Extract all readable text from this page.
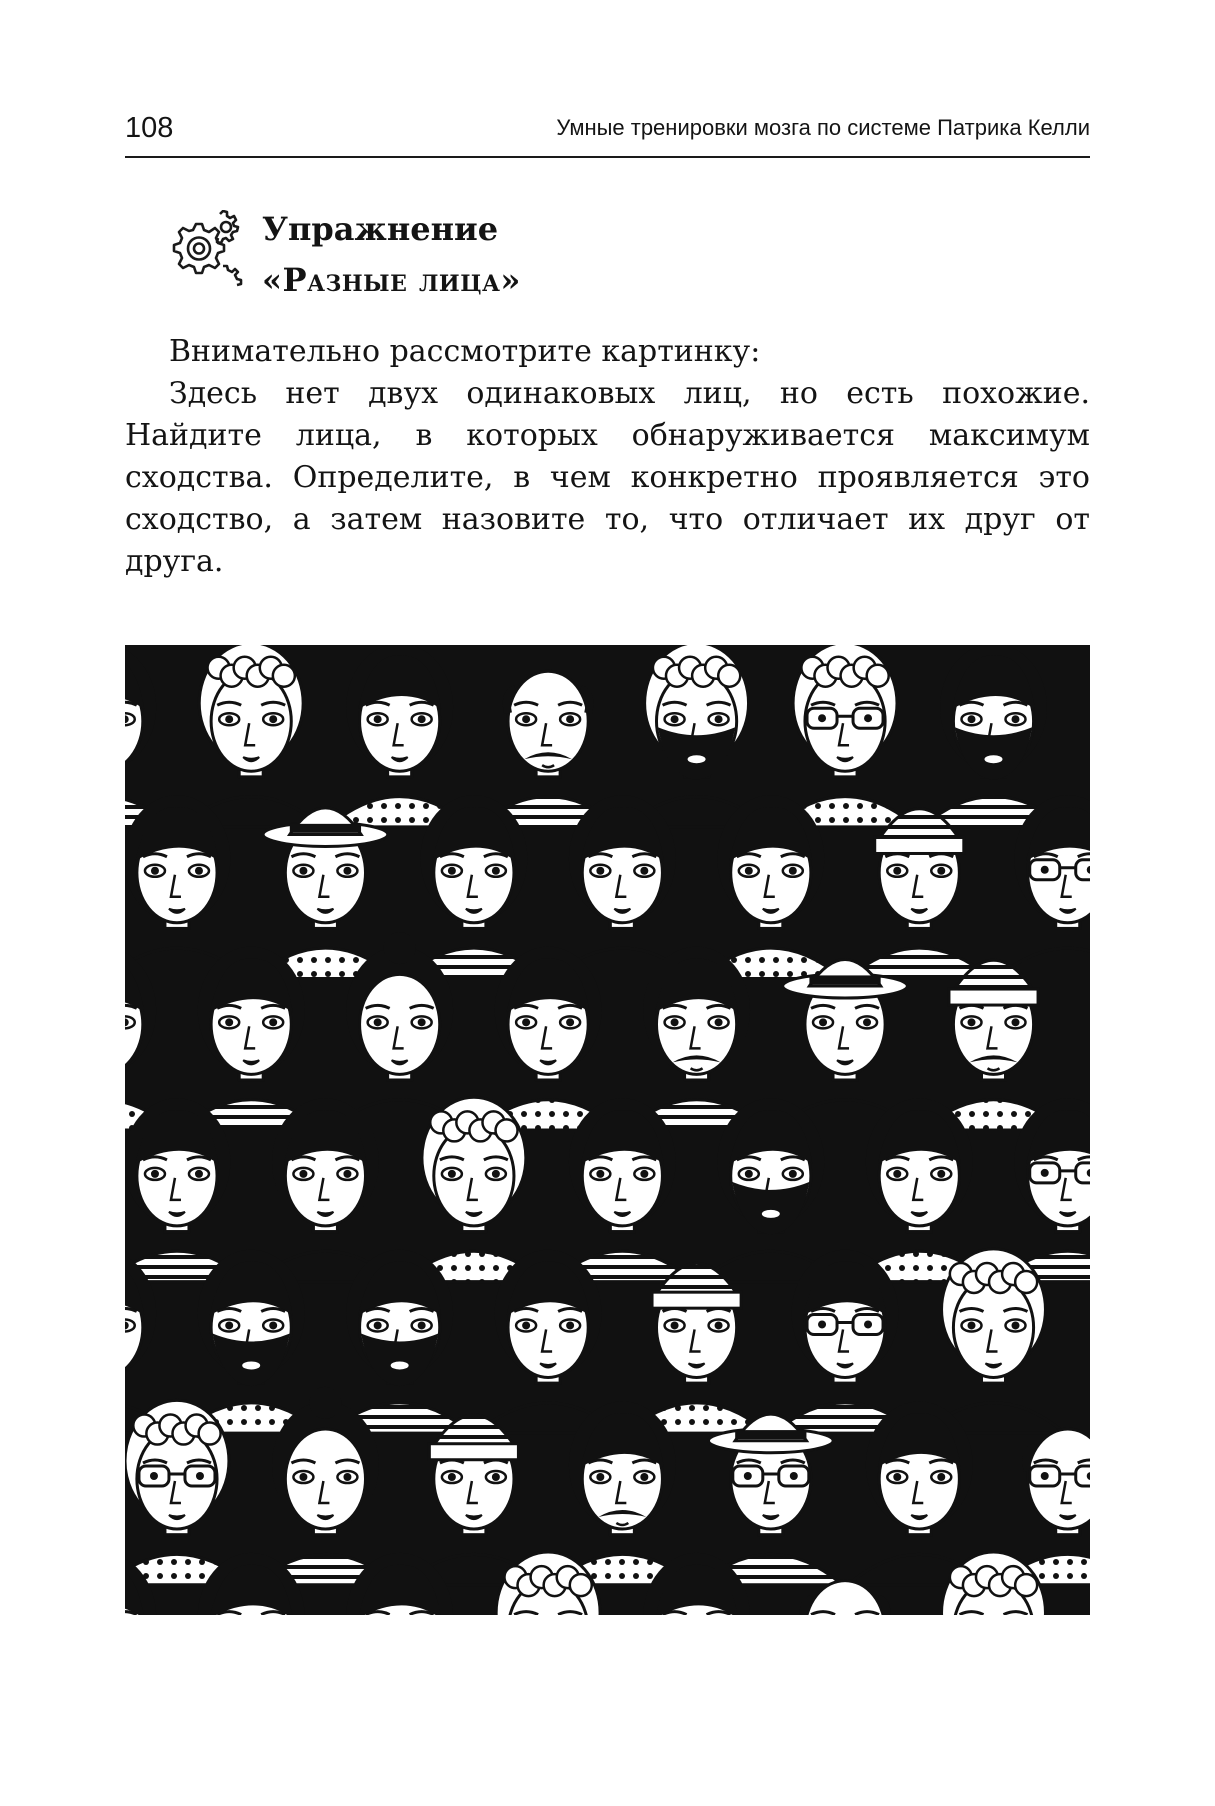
108	Умные тренировки мозга по системе Патрика Келли
Упражнение
«Разные лица»

Внимательно рассмотрите картинку:

Здесь нет двух одинаковых лиц, но есть похожие. Найдите лица, в которых обнаруживается максимум сходства. Определите, в чем конкретно проявляется это сходство, а затем назовите то, что отличает их друг от друга.
